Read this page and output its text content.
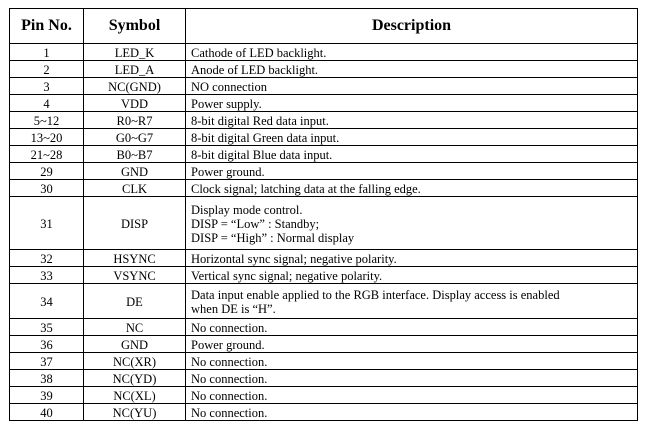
Pin No.	Symbol	Description
1	LED_K	Cathode of LED backlight.

2	LED_A	Anode of LED backlight.

3	NC(GND)	NO connection

4	VDD	Power supply.

5~12	R0~R7	8-bit digital Red data input.

13~20	G0~G7	8-bit digital Green data input.

21~28	B0~B7	8-bit digital Blue data input.

29	GND	Power ground.

30	CLK	Clock signal; latching data at the falling edge.

31	DISP	Display mode control.
DISP = “Low” : Standby;
DISP = “High” : Normal display

32	HSYNC	Horizontal sync signal; negative polarity.

33	VSYNC	Vertical sync signal; negative polarity.

34	DE	Data input enable applied to the RGB interface. Display access is enabled
when DE is “H”.

35	NC	No connection.

36	GND	Power ground.

37	NC(XR)	No connection.

38	NC(YD)	No connection.

39	NC(XL)	No connection.

40	NC(YU)	No connection.
